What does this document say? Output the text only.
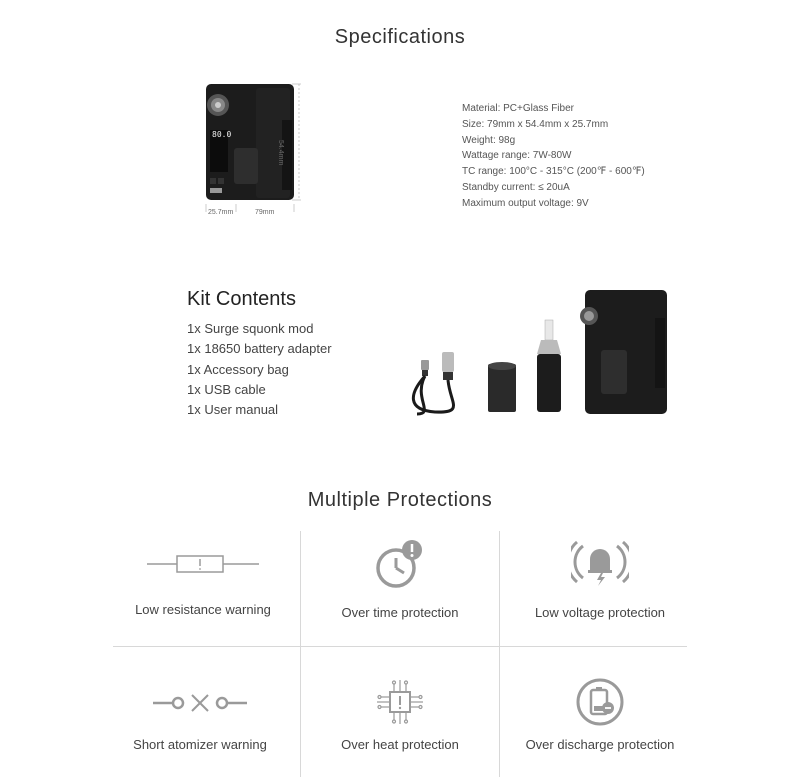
Specifications
80.0
54.4mm
25.7mm	79mm
Material: PC+Glass Fiber
Size: 79mm x 54.4mm x 25.7mm
Weight: 98g
Wattage range: 7W-80W
TC range: 100°C - 315°C (200℉ - 600℉)
Standby current: ≤ 20uA
Maximum output voltage: 9V
Kit Contents
1x Surge squonk mod
1x 18650 battery adapter
1x Accessory bag
1x USB cable
1x User manual
Multiple Protections
Low resistance warning	Over time protection	Low voltage protection
Short atomizer warning	Over heat protection	Over discharge protection
